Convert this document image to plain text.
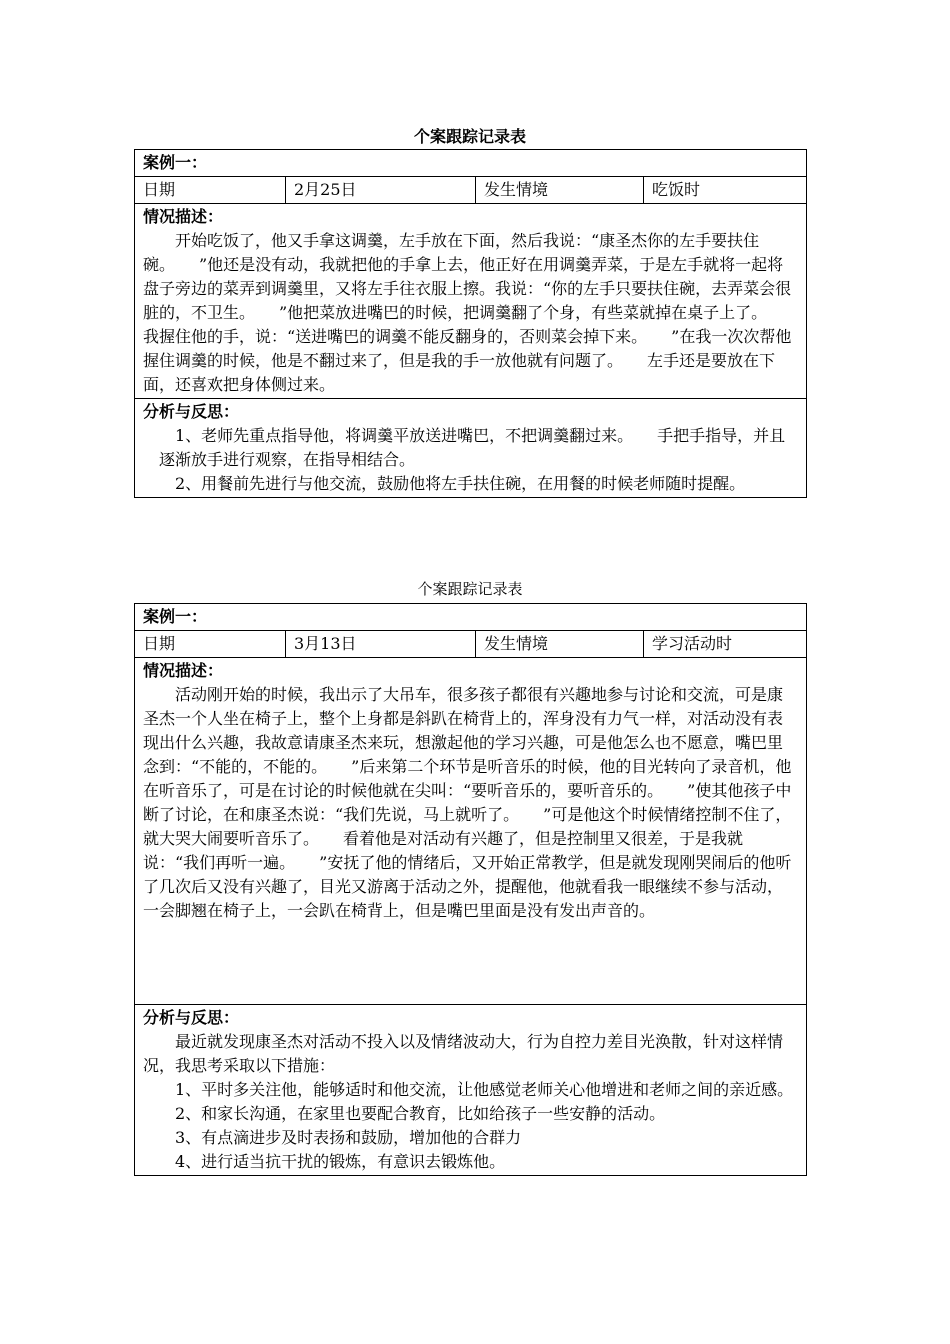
个案跟踪记录表
案例一：
日期	2月25日	发生情境	吃饭时

情况描述：

开始吃饭了，他又手拿这调羹，左手放在下面，然后我说：“康圣杰你的左手要扶住碗。　　”他还是没有动，我就把他的手拿上去，他正好在用调羹弄菜，于是左手就将一起将盘子旁边的菜弄到调羹里，又将左手往衣服上擦。我说：“你的左手只要扶住碗，去弄菜会很脏的，不卫生。　　”他把菜放进嘴巴的时候，把调羹翻了个身，有些菜就掉在桌子上了。　　我握住他的手，说：“送进嘴巴的调羹不能反翻身的，否则菜会掉下来。　　”在我一次次帮他握住调羹的时候，他是不翻过来了，但是我的手一放他就有问题了。　　左手还是要放在下面，还喜欢把身体侧过来。

分析与反思：

1、老师先重点指导他，将调羹平放送进嘴巴，不把调羹翻过来。　　手把手指导，并且逐渐放手进行观察，在指导相结合。

2、用餐前先进行与他交流，鼓励他将左手扶住碗，在用餐的时候老师随时提醒。

个案跟踪记录表
案例一：
日期	3月13日	发生情境	学习活动时

情况描述：

活动刚开始的时候，我出示了大吊车，很多孩子都很有兴趣地参与讨论和交流，可是康圣杰一个人坐在椅子上，整个上身都是斜趴在椅背上的，浑身没有力气一样，对活动没有表现出什么兴趣，我故意请康圣杰来玩，想激起他的学习兴趣，可是他怎么也不愿意，嘴巴里念到：“不能的，不能的。　　”后来第二个环节是听音乐的时候，他的目光转向了录音机，他在听音乐了，可是在讨论的时候他就在尖叫：“要听音乐的，要听音乐的。　　”使其他孩子中断了讨论，在和康圣杰说：“我们先说，马上就听了。　　”可是他这个时候情绪控制不住了，就大哭大闹要听音乐了。　　看着他是对活动有兴趣了，但是控制里又很差，于是我就说：“我们再听一遍。　　”安抚了他的情绪后，又开始正常教学，但是就发现刚哭闹后的他听了几次后又没有兴趣了，目光又游离于活动之外，提醒他，他就看我一眼继续不参与活动，一会脚翘在椅子上，一会趴在椅背上，但是嘴巴里面是没有发出声音的。

分析与反思：

最近就发现康圣杰对活动不投入以及情绪波动大，行为自控力差目光涣散，针对这样情况，我思考采取以下措施：

1、平时多关注他，能够适时和他交流，让他感觉老师关心他增进和老师之间的亲近感。

2、和家长沟通，在家里也要配合教育，比如给孩子一些安静的活动。

3、有点滴进步及时表扬和鼓励，增加他的合群力

4、进行适当抗干扰的锻炼，有意识去锻炼他。
